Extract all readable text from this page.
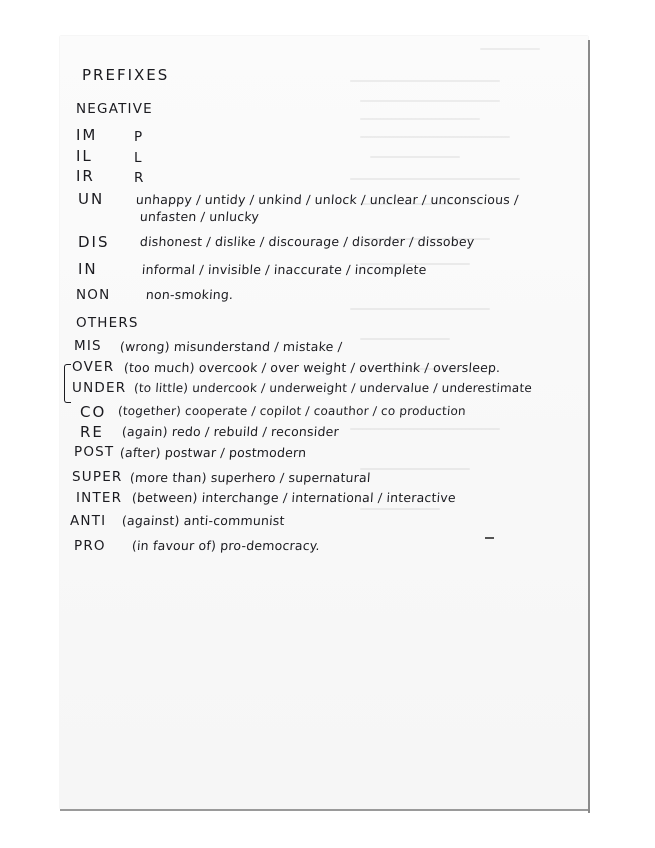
PREFIXES
NEGATIVE
IM	P
IL	L
IR	R
UN	unhappy / untidy / unkind / unlock / unclear / unconscious /
unfasten / unlucky
DIS dishonest / dislike / discourage / disorder / dissobey
IN	informal / invisible / inaccurate / incomplete
NON	non-smoking.
OTHERS
MIS (wrong) misunderstand / mistake /
OVER (too much) overcook / over weight / overthink / oversleep.
UNDER (to little) undercook / underweight / undervalue / underestimate
CO (together) cooperate / copilot / coauthor / co production
RE (again) redo / rebuild / reconsider
POST (after) postwar / postmodern
SUPER (more than) superhero / supernatural
INTER (between) interchange / international / interactive
ANTI (against) anti-communist
PRO (in favour of) pro-democracy.
